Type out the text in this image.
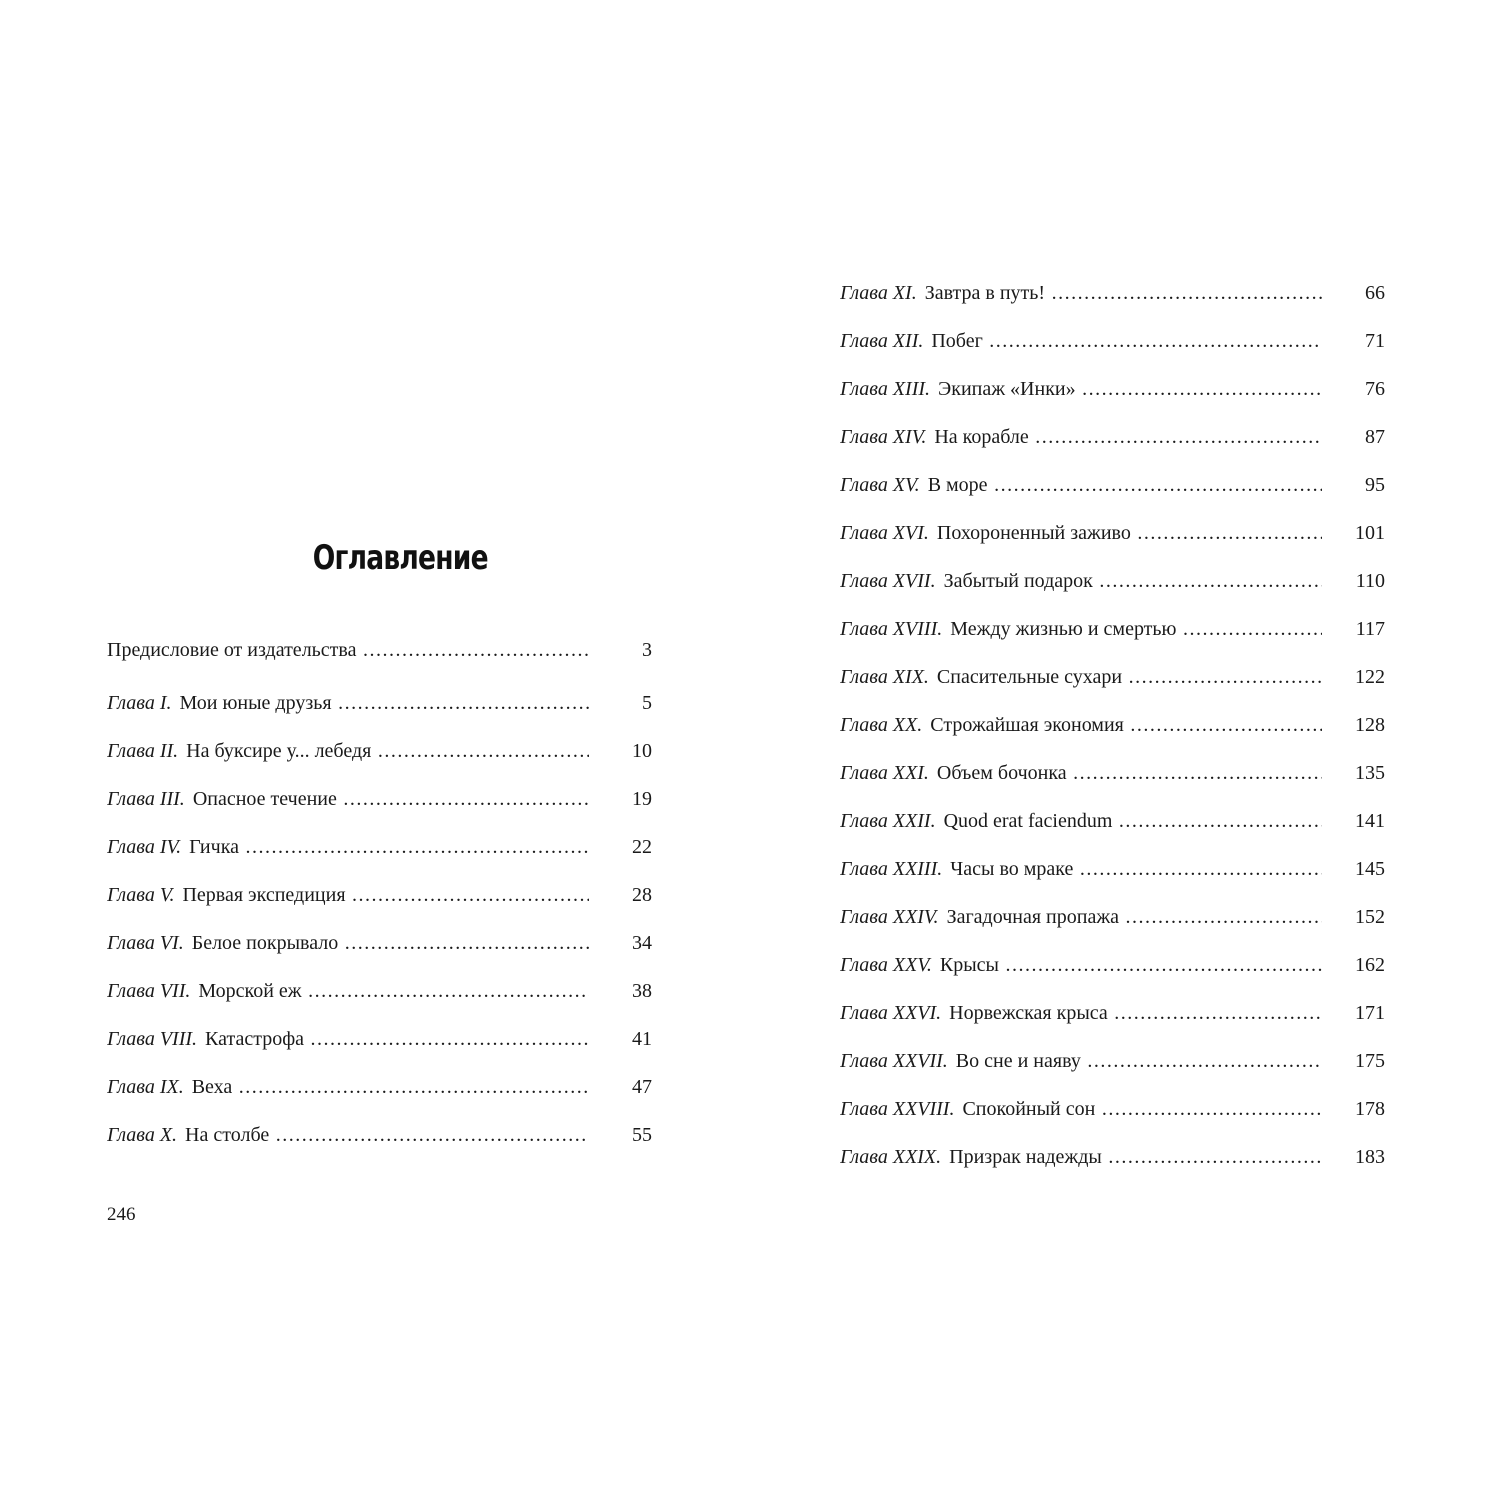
Оглавление
Предисловие от издательства .....	3
Глава I. Мои юные друзья .....	5
Глава II. На буксире у... лебедя .....	10
Глава III. Опасное течение .....	19
Глава IV. Гичка .....	22
Глава V. Первая экспедиция .....	28
Глава VI. Белое покрывало .....	34
Глава VII. Морской еж .....	38
Глава VIII. Катастрофа .....	41
Глава IX. Веха .....	47
Глава X. На столбе .....	55

246

Глава XI. Завтра в путь! .....	66
Глава XII. Побег .....	71
Глава XIII. Экипаж «Инки» .....	76
Глава XIV. На корабле .....	87
Глава XV. В море .....	95
Глава XVI. Похороненный заживо .....	101
Глава XVII. Забытый подарок .....	110
Глава XVIII. Между жизнью и смертью .....	117
Глава XIX. Спасительные сухари .....	122
Глава XX. Строжайшая экономия .....	128
Глава XXI. Объем бочонка .....	135
Глава XXII. Quod erat faciendum .....	141
Глава XXIII. Часы во мраке .....	145
Глава XXIV. Загадочная пропажа .....	152
Глава XXV. Крысы .....	162
Глава XXVI. Норвежская крыса .....	171
Глава XXVII. Во сне и наяву .....	175
Глава XXVIII. Спокойный сон .....	178
Глава XXIX. Призрак надежды .....	183
